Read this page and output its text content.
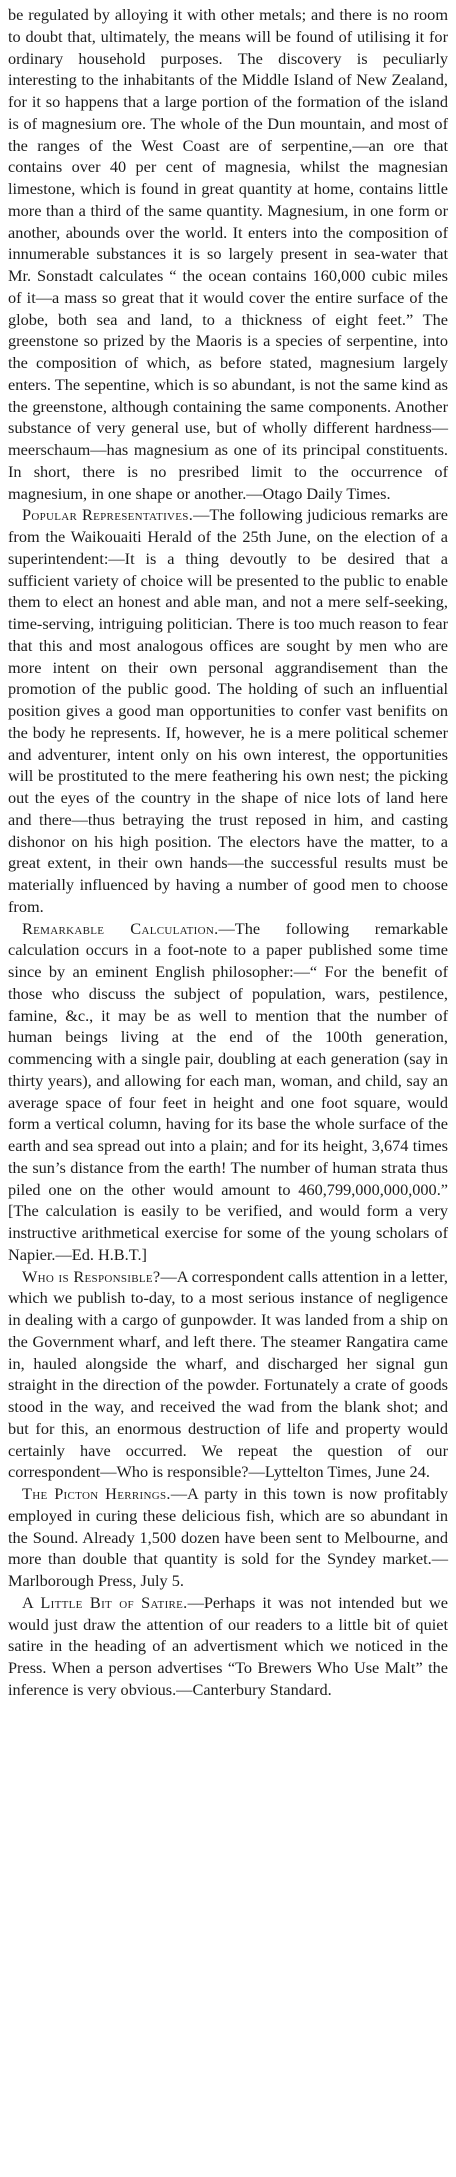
be regulated by alloying it with other metals; and there is no room to doubt that, ultimately, the means will be found of utilising it for ordinary household purposes. The discovery is peculiarly interesting to the inhabitants of the Middle Island of New Zealand, for it so happens that a large portion of the formation of the island is of magnesium ore. The whole of the Dun mountain, and most of the ranges of the West Coast are of serpentine,—an ore that contains over 40 per cent of magnesia, whilst the magnesian limestone, which is found in great quantity at home, contains little more than a third of the same quantity. Magnesium, in one form or another, abounds over the world. It enters into the composition of innumerable substances it is so largely present in sea-water that Mr. Sonstadt calculates “ the ocean contains 160,000 cubic miles of it—a mass so great that it would cover the entire surface of the globe, both sea and land, to a thickness of eight feet.” The greenstone so prized by the Maoris is a species of serpentine, into the composition of which, as before stated, magnesium largely enters. The sepentine, which is so abundant, is not the same kind as the greenstone, although containing the same components. Another substance of very general use, but of wholly different hardness—meerschaum—has magnesium as one of its principal constituents. In short, there is no presribed limit to the occurrence of magnesium, in one shape or another.—Otago Daily Times.

Popular Representatives.—The following judicious remarks are from the Waikouaiti Herald of the 25th June, on the election of a superintendent:—It is a thing devoutly to be desired that a sufficient variety of choice will be presented to the public to enable them to elect an honest and able man, and not a mere self-seeking, time-serving, intriguing politician. There is too much reason to fear that this and most analogous offices are sought by men who are more intent on their own personal aggrandisement than the promotion of the public good. The holding of such an influential position gives a good man opportunities to confer vast benifits on the body he represents. If, however, he is a mere political schemer and adventurer, intent only on his own interest, the opportunities will be prostituted to the mere feathering his own nest; the picking out the eyes of the country in the shape of nice lots of land here and there—thus betraying the trust reposed in him, and casting dishonor on his high position. The electors have the matter, to a great extent, in their own hands—the successful results must be materially influenced by having a number of good men to choose from.

Remarkable Calculation.—The following remarkable calculation occurs in a foot-note to a paper published some time since by an eminent English philosopher:—“ For the benefit of those who discuss the subject of population, wars, pestilence, famine, &c., it may be as well to mention that the number of human beings living at the end of the 100th generation, commencing with a single pair, doubling at each generation (say in thirty years), and allowing for each man, woman, and child, say an average space of four feet in height and one foot square, would form a vertical column, having for its base the whole surface of the earth and sea spread out into a plain; and for its height, 3,674 times the sun’s distance from the earth! The number of human strata thus piled one on the other would amount to 460,799,000,000,000.” [The calculation is easily to be verified, and would form a very instructive arithmetical exercise for some of the young scholars of Napier.—Ed. H.B.T.]

Who is Responsible?—A correspondent calls attention in a letter, which we publish to-day, to a most serious instance of negligence in dealing with a cargo of gunpowder. It was landed from a ship on the Government wharf, and left there. The steamer Rangatira came in, hauled alongside the wharf, and discharged her signal gun straight in the direction of the powder. Fortunately a crate of goods stood in the way, and received the wad from the blank shot; and but for this, an enormous destruction of life and property would certainly have occurred. We repeat the question of our correspondent—Who is responsible?—Lyttelton Times, June 24.

The Picton Herrings.—A party in this town is now profitably employed in curing these delicious fish, which are so abundant in the Sound. Already 1,500 dozen have been sent to Melbourne, and more than double that quantity is sold for the Syndey market.—Marlborough Press, July 5.

A Little Bit of Satire.—Perhaps it was not intended but we would just draw the attention of our readers to a little bit of quiet satire in the heading of an advertisment which we noticed in the Press. When a person advertises “To Brewers Who Use Malt” the inference is very obvious.—Canterbury Standard.
